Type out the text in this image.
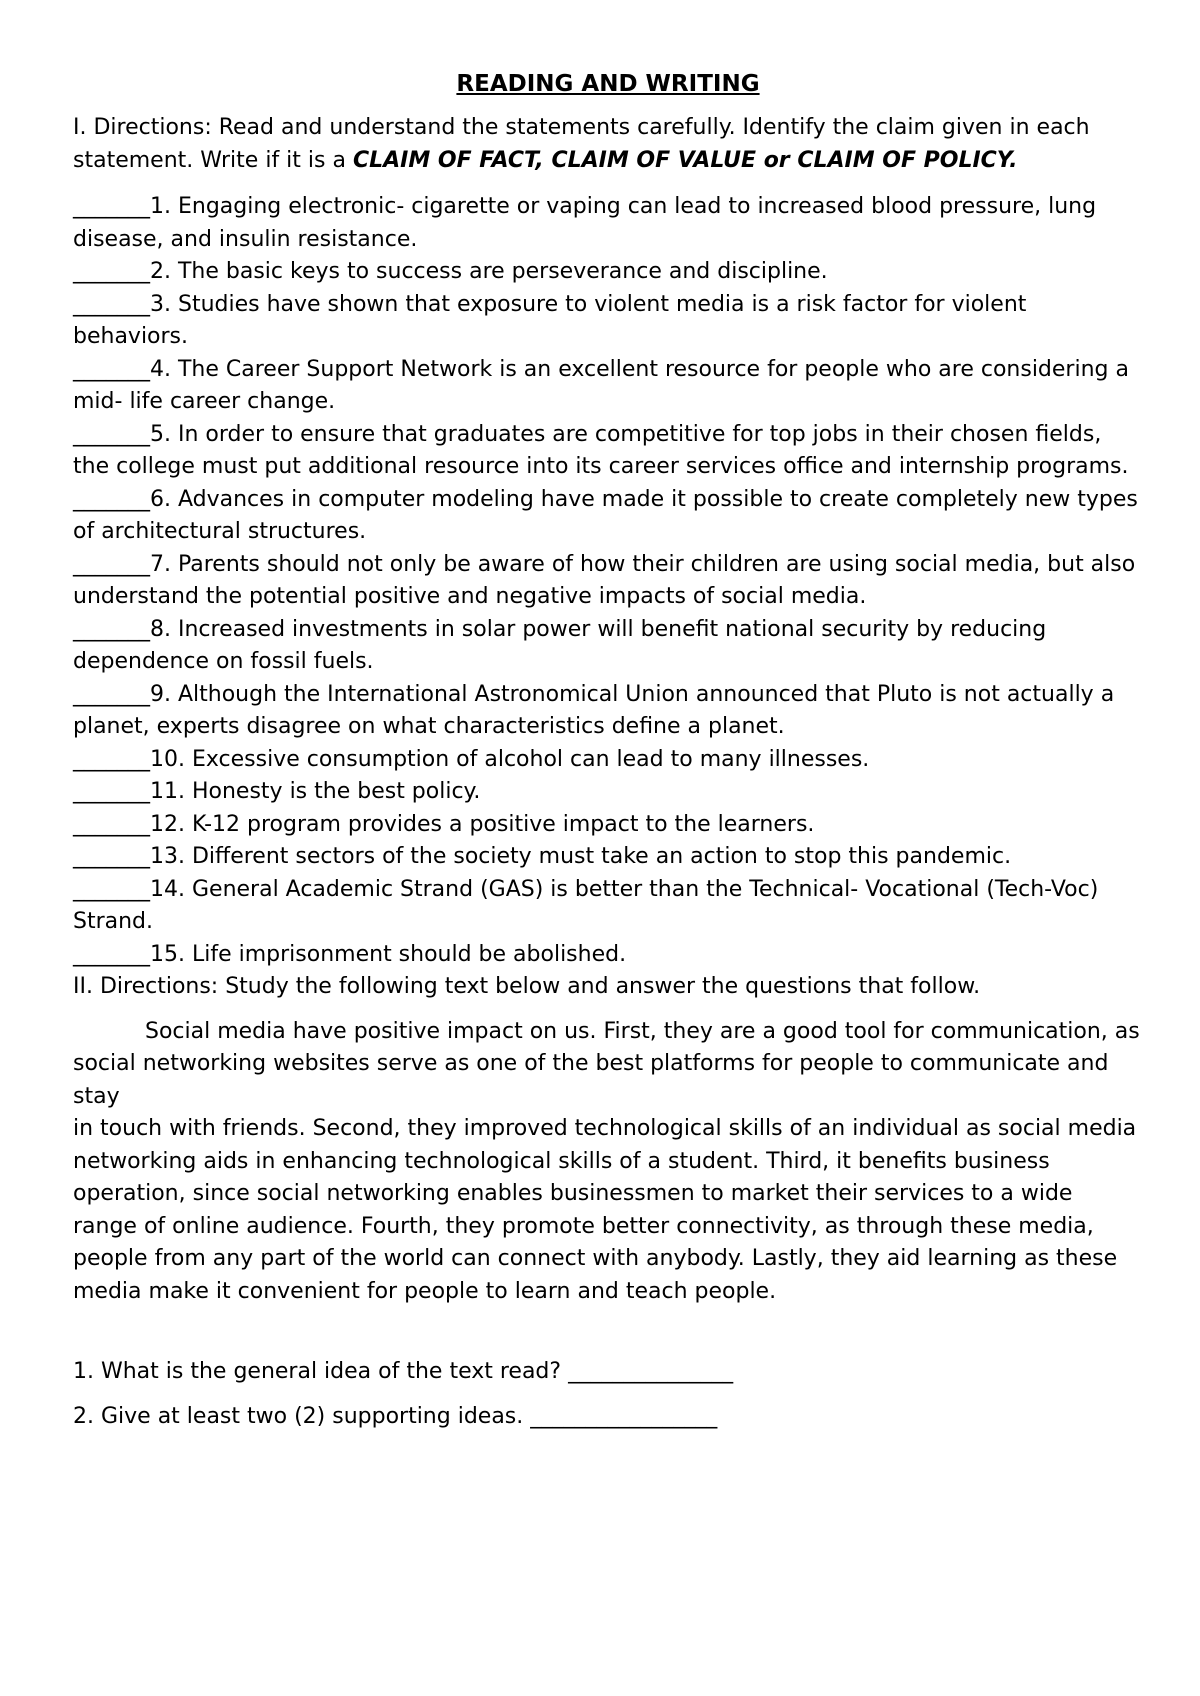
READING AND WRITING

I. Directions: Read and understand the statements carefully. Identify the claim given in each statement. Write if it is a CLAIM OF FACT, CLAIM OF VALUE or CLAIM OF POLICY.

_______1. Engaging electronic- cigarette or vaping can lead to increased blood pressure, lung disease, and insulin resistance.

_______2. The basic keys to success are perseverance and discipline.

_______3. Studies have shown that exposure to violent media is a risk factor for violent behaviors.

_______4. The Career Support Network is an excellent resource for people who are considering a mid- life career change.

_______5. In order to ensure that graduates are competitive for top jobs in their chosen fields, the college must put additional resource into its career services office and internship programs.

_______6. Advances in computer modeling have made it possible to create completely new types of architectural structures.

_______7. Parents should not only be aware of how their children are using social media, but also understand the potential positive and negative impacts of social media.

_______8. Increased investments in solar power will benefit national security by reducing dependence on fossil fuels.

_______9. Although the International Astronomical Union announced that Pluto is not actually a planet, experts disagree on what characteristics define a planet.

_______10. Excessive consumption of alcohol can lead to many illnesses.

_______11. Honesty is the best policy.

_______12. K-12 program provides a positive impact to the learners.

_______13. Different sectors of the society must take an action to stop this pandemic.

_______14. General Academic Strand (GAS) is better than the Technical- Vocational (Tech-Voc) Strand.

_______15. Life imprisonment should be abolished.

II. Directions: Study the following text below and answer the questions that follow.

Social media have positive impact on us. First, they are a good tool for communication, as social networking websites serve as one of the best platforms for people to communicate and stay

in touch with friends. Second, they improved technological skills of an individual as social media networking aids in enhancing technological skills of a student. Third, it benefits business

operation, since social networking enables businessmen to market their services to a wide range of online audience. Fourth, they promote better connectivity, as through these media,

people from any part of the world can connect with anybody. Lastly, they aid learning as these media make it convenient for people to learn and teach people.

1. What is the general idea of the text read? _______________

2. Give at least two (2) supporting ideas. _________________
